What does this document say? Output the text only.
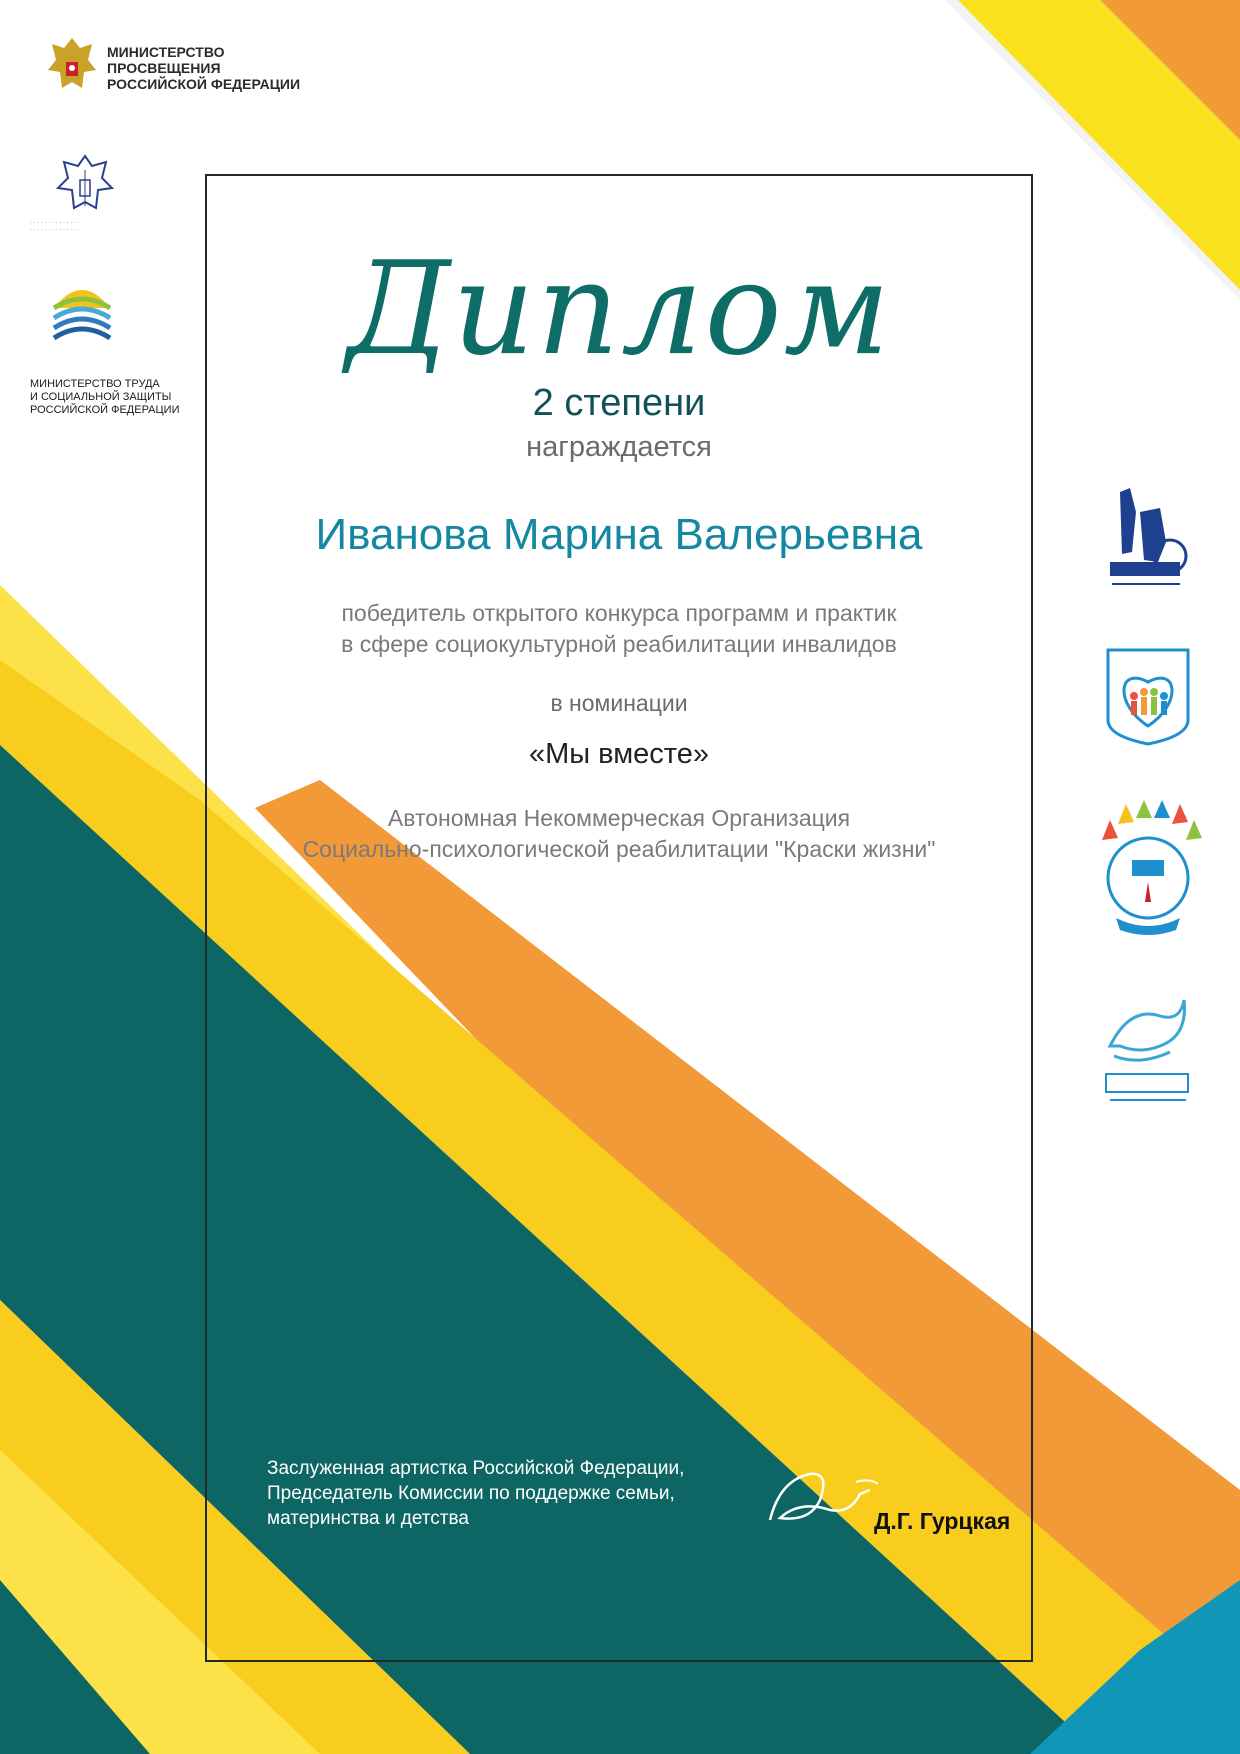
МИНИСТЕРСТВО
ПРОСВЕЩЕНИЯ
РОССИЙСКОЙ ФЕДЕРАЦИИ
· · · · · · · · · · · · · ·
· · · · · · · · · · · · · ·
МИНИСТЕРСТВО ТРУДА
И СОЦИАЛЬНОЙ ЗАЩИТЫ
РОССИЙСКОЙ ФЕДЕРАЦИИ
Диплом
2 степени
награждается
Иванова Марина Валерьевна
победитель открытого конкурса программ и практик
в сфере социокультурной реабилитации инвалидов
в номинации
«Мы вместе»
Автономная Некоммерческая Организация
Социально-психологической реабилитации "Краски жизни"
Заслуженная артистка Российской Федерации,
Председатель Комиссии по поддержке семьи,
материнства и детства	Д.Г. Гурцкая
